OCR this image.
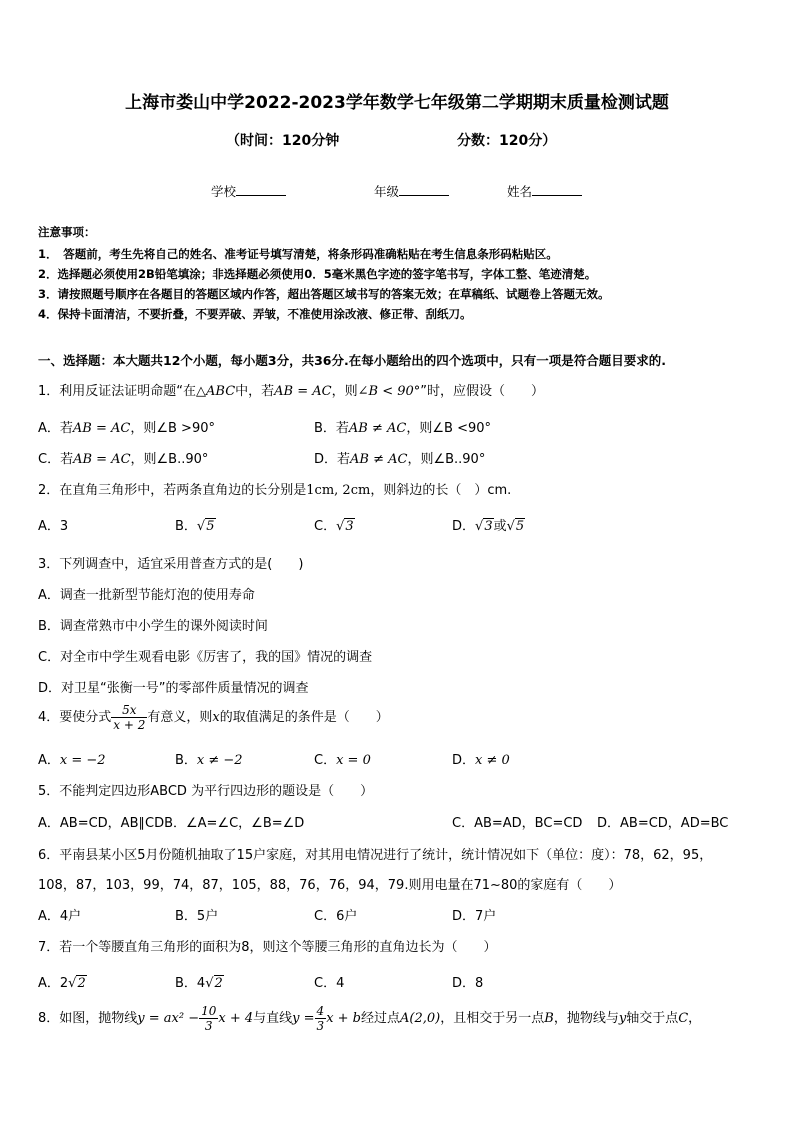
上海市娄山中学2022-2023学年数学七年级第二学期期末质量检测试题
（时间：120分钟	分数：120分）
学校	年级	姓名
注意事项：
1．　答题前，考生先将自己的姓名、准考证号填写清楚，将条形码准确粘贴在考生信息条形码粘贴区。
2．选择题必须使用2B铅笔填涂；非选择题必须使用0．5毫米黑色字迹的签字笔书写，字体工整、笔迹清楚。
3．请按照题号顺序在各题目的答题区域内作答，超出答题区域书写的答案无效；在草稿纸、试题卷上答题无效。
4．保持卡面清洁，不要折叠，不要弄破、弄皱，不准使用涂改液、修正带、刮纸刀。
一、选择题：本大题共12个小题，每小题3分，共36分.在每小题给出的四个选项中，只有一项是符合题目要求的.
1．利用反证法证明命题“在△ABC中，若AB = AC，则∠B < 90°”时，应假设（　　）
A．若AB = AC，则∠B >90°	B．若AB ≠ AC，则∠B <90°
C．若AB = AC，则∠B..90°	D．若AB ≠ AC，则∠B..90°
2．在直角三角形中，若两条直角边的长分别是1cm, 2cm，则斜边的长（　）cm.
A．3	B．√5	C．√3	D．√3或√5
3．下列调查中，适宜采用普查方式的是(　　)
A．调查一批新型节能灯泡的使用寿命
B．调查常熟市中小学生的课外阅读时间
C．对全市中学生观看电影《厉害了，我的国》情况的调查
D．对卫星“张衡一号”的零部件质量情况的调查
4．要使分式 $\frac{5x}{x + 2}$ 有意义，则x的取值满足的条件是（　　）
A．x = −2	B．x ≠ −2	C．x = 0	D．x ≠ 0
5．不能判定四边形ABCD 为平行四边形的题设是（　　）
A．AB=CD，AB∥CDB．∠A=∠C，∠B=∠D	C．AB=AD，BC=CD D．AB=CD，AD=BC
6．平南县某小区5月份随机抽取了15户家庭，对其用电情况进行了统计，统计情况如下（单位：度）：78，62，95，
108，87，103，99，74，87，105，88，76，76，94，79.则用电量在71~80的家庭有（　　）
A．4户	B．5户	C．6户	D．7户
7．若一个等腰直角三角形的面积为8，则这个等腰三角形的直角边长为（　　）
A．2√2	B．4√2	C．4	D．8
8．如图，抛物线$y = ax^2 - \frac{10}{3}$ x + 4与直线$y = \frac{4}{3}$ x + b经过点A(2,0)，且相交于另一点B，抛物线与y轴交于点C，
